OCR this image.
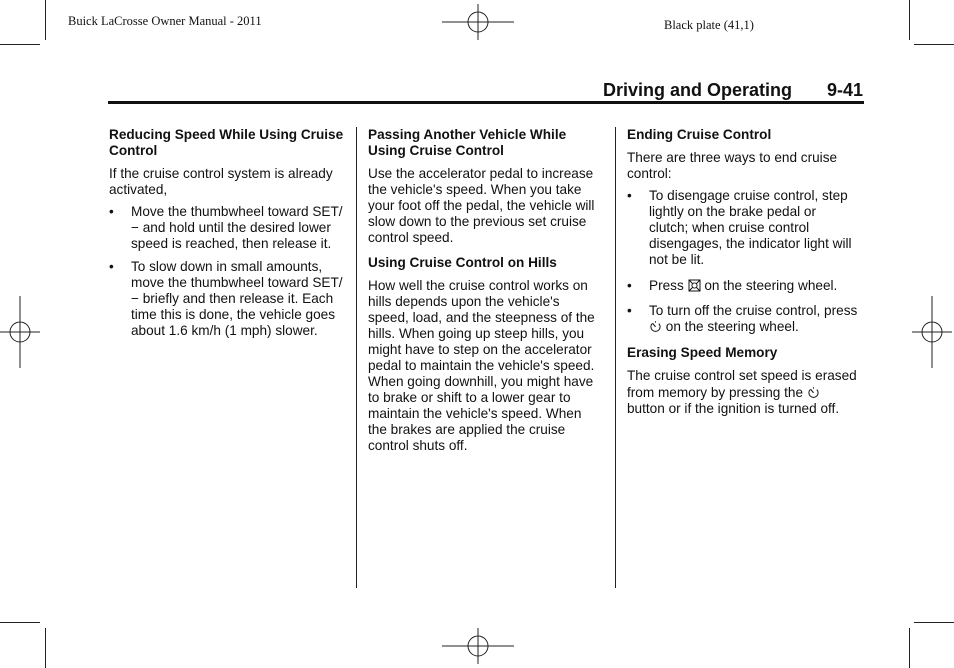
Buick LaCrosse Owner Manual - 2011	Black plate (41,1)
Driving and Operating 9-41
Reducing Speed While Using Cruise Control

If the cruise control system is already activated,

• Move the thumbwheel toward SET/− and hold until the desired lower speed is reached, then release it.
• To slow down in small amounts, move the thumbwheel toward SET/− briefly and then release it. Each time this is done, the vehicle goes about 1.6 km/h (1 mph) slower.
Passing Another Vehicle While Using Cruise Control

Use the accelerator pedal to increase the vehicle's speed. When you take your foot off the pedal, the vehicle will slow down to the previous set cruise control speed.

Using Cruise Control on Hills

How well the cruise control works on hills depends upon the vehicle's speed, load, and the steepness of the hills. When going up steep hills, you might have to step on the accelerator pedal to maintain the vehicle's speed. When going downhill, you might have to brake or shift to a lower gear to maintain the vehicle's speed. When the brakes are applied the cruise control shuts off.

Ending Cruise Control

There are three ways to end cruise control:

• To disengage cruise control, step lightly on the brake pedal or clutch; when cruise control disengages, the indicator light will not be lit.
• Press on the steering wheel.
• To turn off the cruise control, press  on the steering wheel.
Erasing Speed Memory

The cruise control set speed is erased from memory by pressing the  button or if the ignition is turned off.
